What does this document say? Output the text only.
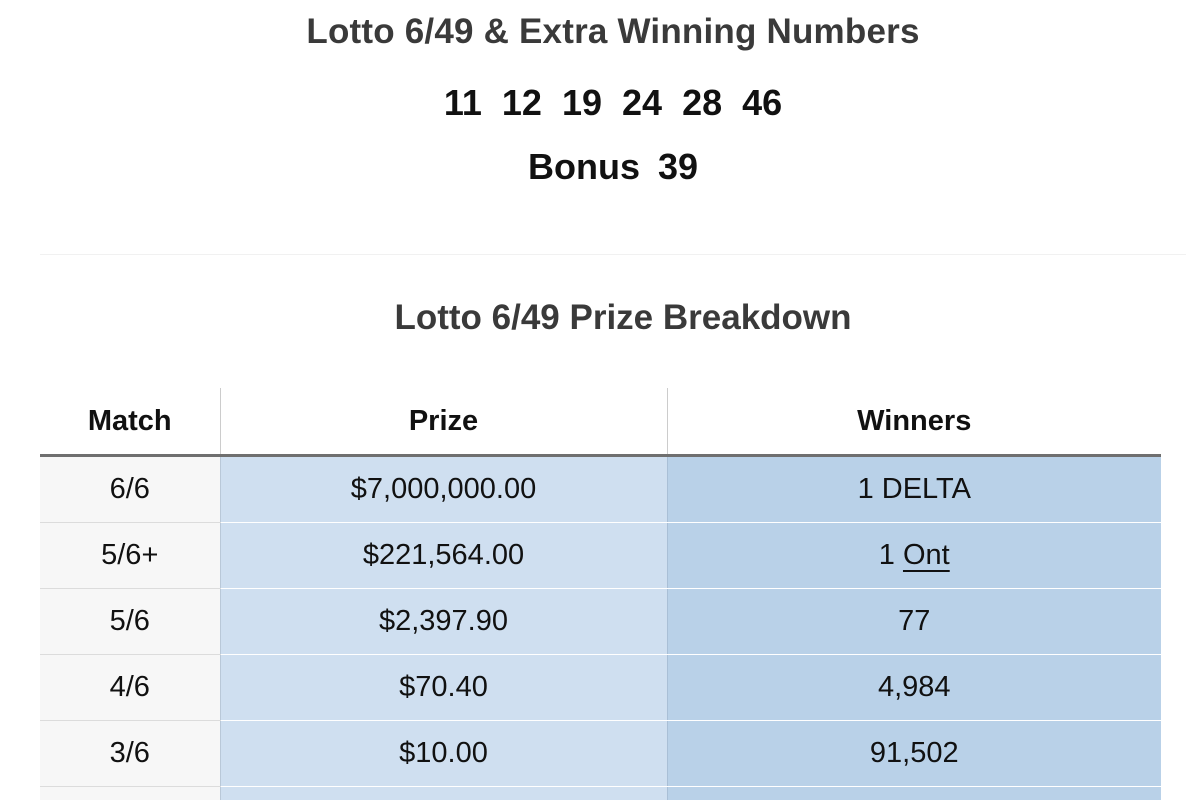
Lotto 6/49 & Extra Winning Numbers
11 12 19 24 28 46
Bonus 39
Lotto 6/49 Prize Breakdown
Match	Prize	Winners
6/6	$7,000,000.00	1 DELTA
5/6+	$221,564.00	1 Ont
5/6	$2,397.90	77
4/6	$70.40	4,984
3/6	$10.00	91,502
